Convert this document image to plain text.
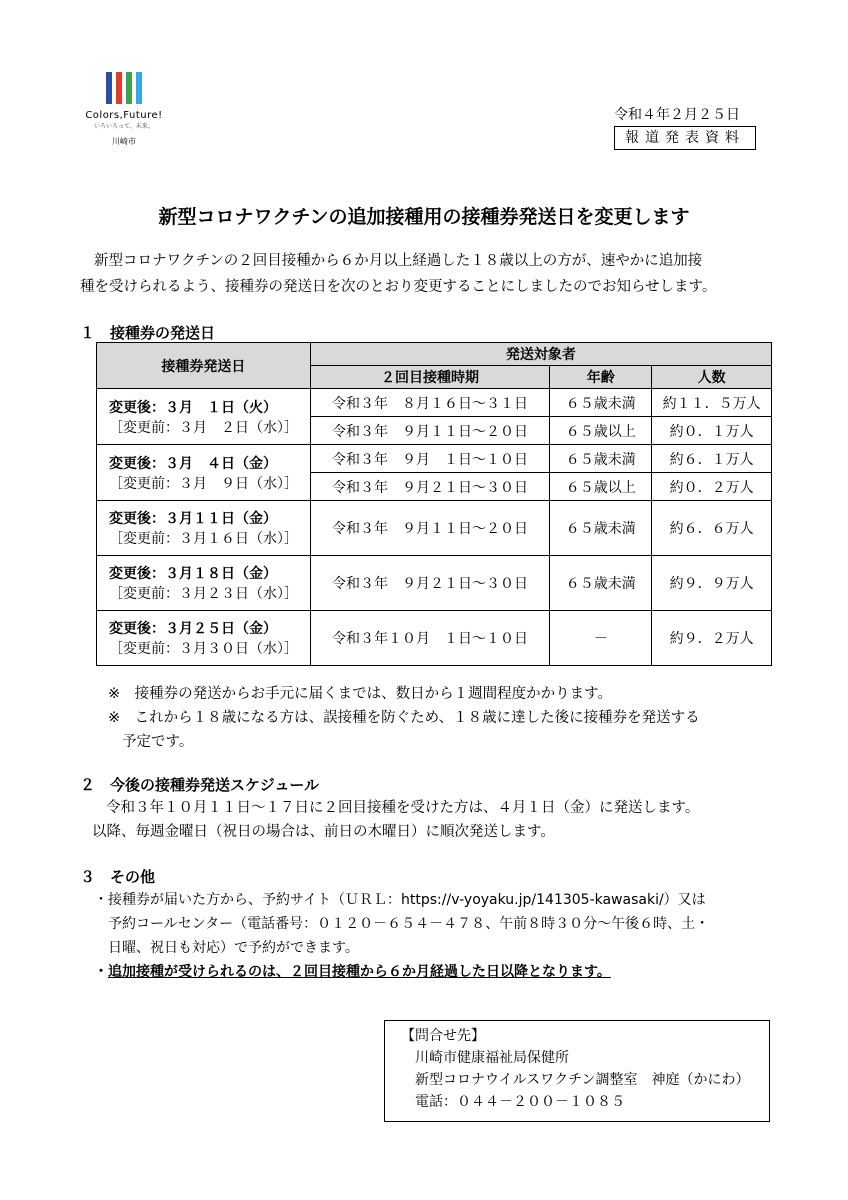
Colors,Future!
いろいろって、未来。
川崎市
令和４年２月２５日
報道発表資料
新型コロナワクチンの追加接種用の接種券発送日を変更します
新型コロナワクチンの２回目接種から６か月以上経過した１８歳以上の方が、速やかに追加接
種を受けられるよう、接種券の発送日を次のとおり変更することにしましたのでお知らせします。
１　接種券の発送日
接種券発送日	発送対象者		
	２回目接種時期	年齢	人数

変更後：３月　１日（火）
［変更前：３月　２日（水）］	令和３年　８月１６日～３１日	６５歳未満	約１１．５万人
	令和３年　９月１１日～２０日	６５歳以上	約０．１万人

変更後：３月　４日（金）
［変更前：３月　９日（水）］	令和３年　９月　１日～１０日	６５歳未満	約６．１万人
	令和３年　９月２１日～３０日	６５歳以上	約０．２万人

変更後：３月１１日（金）
［変更前：３月１６日（水）］	令和３年　９月１１日～２０日	６５歳未満	約６．６万人

変更後：３月１８日（金）
［変更前：３月２３日（水）］	令和３年　９月２１日～３０日	６５歳未満	約９．９万人

変更後：３月２５日（金）
［変更前：３月３０日（水）］	令和３年１０月　１日～１０日	－	約９．２万人
※　接種券の発送からお手元に届くまでは、数日から１週間程度かかります。
※　これから１８歳になる方は、誤接種を防ぐため、１８歳に達した後に接種券を発送する
予定です。
２　今後の接種券発送スケジュール
令和３年１０月１１日～１７日に２回目接種を受けた方は、４月１日（金）に発送します。
以降、毎週金曜日（祝日の場合は、前日の木曜日）に順次発送します。
３　その他
・接種券が届いた方から、予約サイト（ＵＲＬ：https://v-yoyaku.jp/141305-kawasaki/）又は
予約コールセンター（電話番号：０１２０－６５４－４７８、午前８時３０分～午後６時、土・
日曜、祝日も対応）で予約ができます。
・追加接種が受けられるのは、２回目接種から６か月経過した日以降となります。
【問合せ先】
川崎市健康福祉局保健所
新型コロナウイルスワクチン調整室　神庭（かにわ）
電話：０４４－２００－１０８５
